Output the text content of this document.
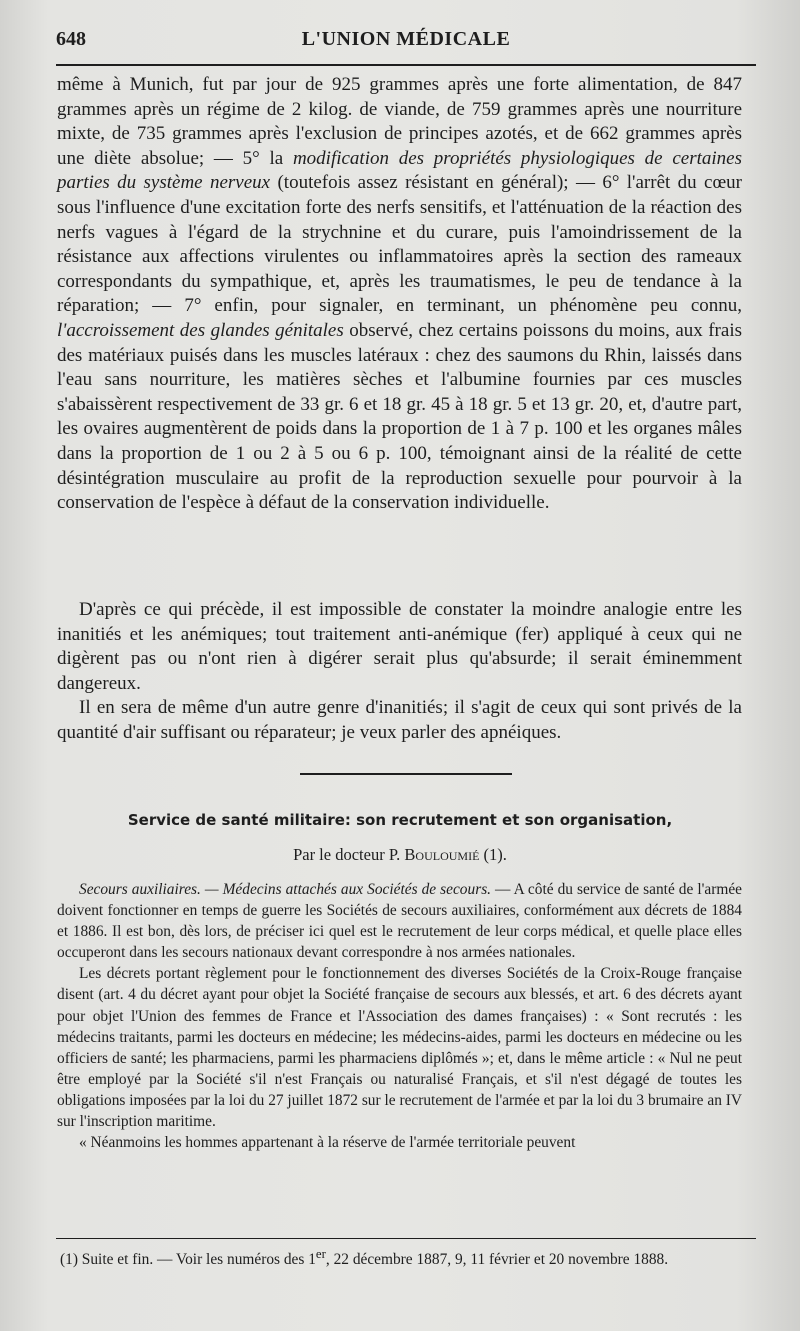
648	L'UNION MÉDICALE

même à Munich, fut par jour de 925 grammes après une forte alimentation, de 847 grammes après un régime de 2 kilog. de viande, de 759 grammes après une nourriture mixte, de 735 grammes après l'exclusion de principes azotés, et de 662 grammes après une diète absolue; — 5° la modification des propriétés physiologiques de certaines parties du système nerveux (toutefois assez résistant en général); — 6° l'arrêt du cœur sous l'influence d'une excitation forte des nerfs sensitifs, et l'atténuation de la réaction des nerfs vagues à l'égard de la strychnine et du curare, puis l'amoindrissement de la résistance aux affections virulentes ou inflammatoires après la section des rameaux correspondants du sympathique, et, après les traumatismes, le peu de tendance à la réparation; — 7° enfin, pour signaler, en terminant, un phénomène peu connu, l'accroissement des glandes génitales observé, chez certains poissons du moins, aux frais des matériaux puisés dans les muscles latéraux : chez des saumons du Rhin, laissés dans l'eau sans nourriture, les matières sèches et l'albumine fournies par ces muscles s'abaissèrent respectivement de 33 gr. 6 et 18 gr. 45 à 18 gr. 5 et 13 gr. 20, et, d'autre part, les ovaires augmentèrent de poids dans la proportion de 1 à 7 p. 100 et les organes mâles dans la proportion de 1 ou 2 à 5 ou 6 p. 100, témoignant ainsi de la réalité de cette désintégration musculaire au profit de la reproduction sexuelle pour pourvoir à la conservation de l'espèce à défaut de la conservation individuelle.

D'après ce qui précède, il est impossible de constater la moindre analogie entre les inanitiés et les anémiques; tout traitement anti-anémique (fer) appliqué à ceux qui ne digèrent pas ou n'ont rien à digérer serait plus qu'absurde; il serait éminemment dangereux.

Il en sera de même d'un autre genre d'inanitiés; il s'agit de ceux qui sont privés de la quantité d'air suffisant ou réparateur; je veux parler des apnéiques.

Service de santé militaire: son recrutement et son organisation,
Par le docteur P. Bouloumié (1).

Secours auxiliaires. — Médecins attachés aux Sociétés de secours. — A côté du service de santé de l'armée doivent fonctionner en temps de guerre les Sociétés de secours auxiliaires, conformément aux décrets de 1884 et 1886. Il est bon, dès lors, de préciser ici quel est le recrutement de leur corps médical, et quelle place elles occuperont dans les secours nationaux devant correspondre à nos armées nationales.

Les décrets portant règlement pour le fonctionnement des diverses Sociétés de la Croix-Rouge française disent (art. 4 du décret ayant pour objet la Société française de secours aux blessés, et art. 6 des décrets ayant pour objet l'Union des femmes de France et l'Association des dames françaises) : « Sont recrutés : les médecins traitants, parmi les docteurs en médecine; les médecins-aides, parmi les docteurs en médecine ou les officiers de santé; les pharmaciens, parmi les pharmaciens diplômés »; et, dans le même article : « Nul ne peut être employé par la Société s'il n'est Français ou naturalisé Français, et s'il n'est dégagé de toutes les obligations imposées par la loi du 27 juillet 1872 sur le recrutement de l'armée et par la loi du 3 brumaire an IV sur l'inscription maritime.

« Néanmoins les hommes appartenant à la réserve de l'armée territoriale peuvent

(1) Suite et fin. — Voir les numéros des 1er, 22 décembre 1887, 9, 11 février et 20 novembre 1888.
